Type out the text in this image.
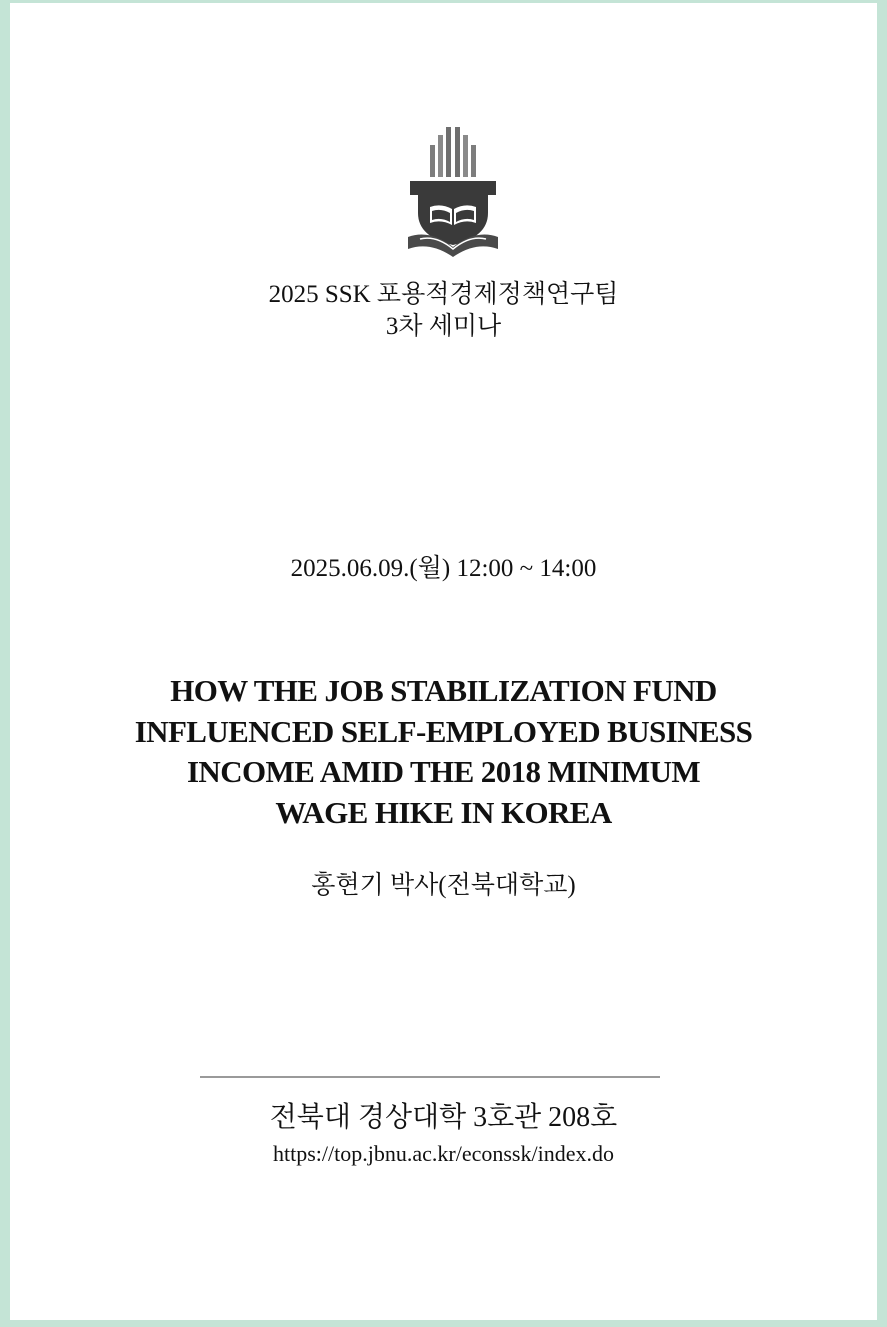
2025 SSK 포용적경제정책연구팀
3차 세미나
2025.06.09.(월) 12:00 ~ 14:00
HOW THE JOB STABILIZATION FUND
INFLUENCED SELF-EMPLOYED BUSINESS
INCOME AMID THE 2018 MINIMUM
WAGE HIKE IN KOREA
홍현기 박사(전북대학교)
전북대 경상대학 3호관 208호
https://top.jbnu.ac.kr/econssk/index.do
